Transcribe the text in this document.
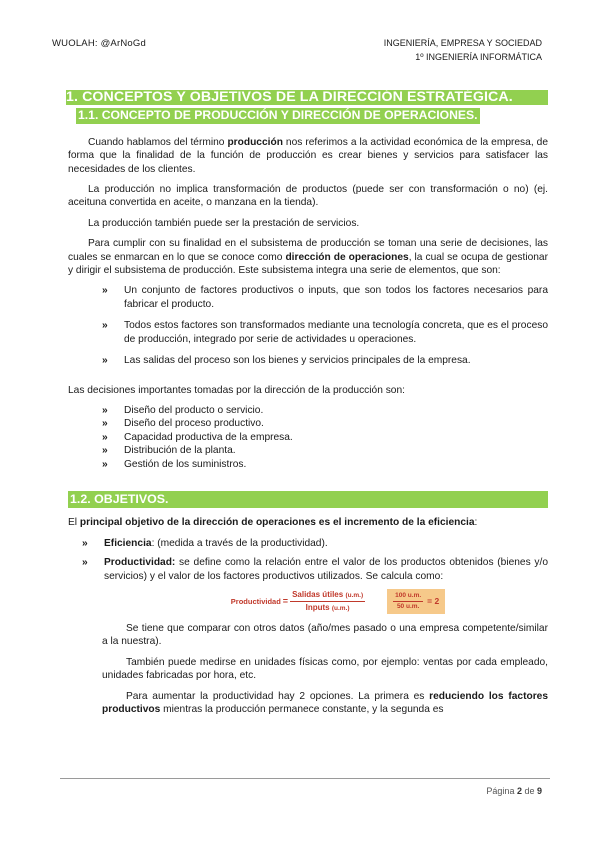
WUOLAH: @ArNoGd	INGENIERÍA, EMPRESA Y SOCIEDAD
1º INGENIERÍA INFORMÁTICA
1. CONCEPTOS Y OBJETIVOS DE LA DIRECCIÓN ESTRATÉGICA.
1.1. CONCEPTO DE PRODUCCIÓN Y DIRECCIÓN DE OPERACIONES.

Cuando hablamos del término producción nos referimos a la actividad económica de la empresa, de forma que la finalidad de la función de producción es crear bienes y servicios para satisfacer las necesidades de los clientes.

La producción no implica transformación de productos (puede ser con transformación o no) (ej. aceituna convertida en aceite, o manzana en la tienda).

La producción también puede ser la prestación de servicios.

Para cumplir con su finalidad en el subsistema de producción se toman una serie de decisiones, las cuales se enmarcan en lo que se conoce como dirección de operaciones, la cual se ocupa de gestionar y dirigir el subsistema de producción. Este subsistema integra una serie de elementos, que son:

» Un conjunto de factores productivos o inputs, que son todos los factores necesarios para fabricar el producto.
» Todos estos factores son transformados mediante una tecnología concreta, que es el proceso de producción, integrado por serie de actividades u operaciones.
» Las salidas del proceso son los bienes y servicios principales de la empresa.

Las decisiones importantes tomadas por la dirección de la producción son:

» Diseño del producto o servicio.
» Diseño del proceso productivo.
» Capacidad productiva de la empresa.
» Distribución de la planta.
» Gestión de los suministros.
1.2. OBJETIVOS.

El principal objetivo de la dirección de operaciones es el incremento de la eficiencia:

» Eficiencia: (medida a través de la productividad).
» Productividad: se define como la relación entre el valor de los productos obtenidos (bienes y/o servicios) y el valor de los factores productivos utilizados. Se calcula como:
Productividad = $\frac{\text{Salidas útiles (u.m.)}}{\text{Inputs (u.m.)}}$	$\frac{100 u.m.}{50 u.m.} = 2$

Se tiene que comparar con otros datos (año/mes pasado o una empresa competente/similar a la nuestra).

También puede medirse en unidades físicas como, por ejemplo: ventas por cada empleado, unidades fabricadas por hora, etc.

Para aumentar la productividad hay 2 opciones. La primera es reduciendo los factores productivos mientras la producción permanece constante, y la segunda es

Página 2 de 9
